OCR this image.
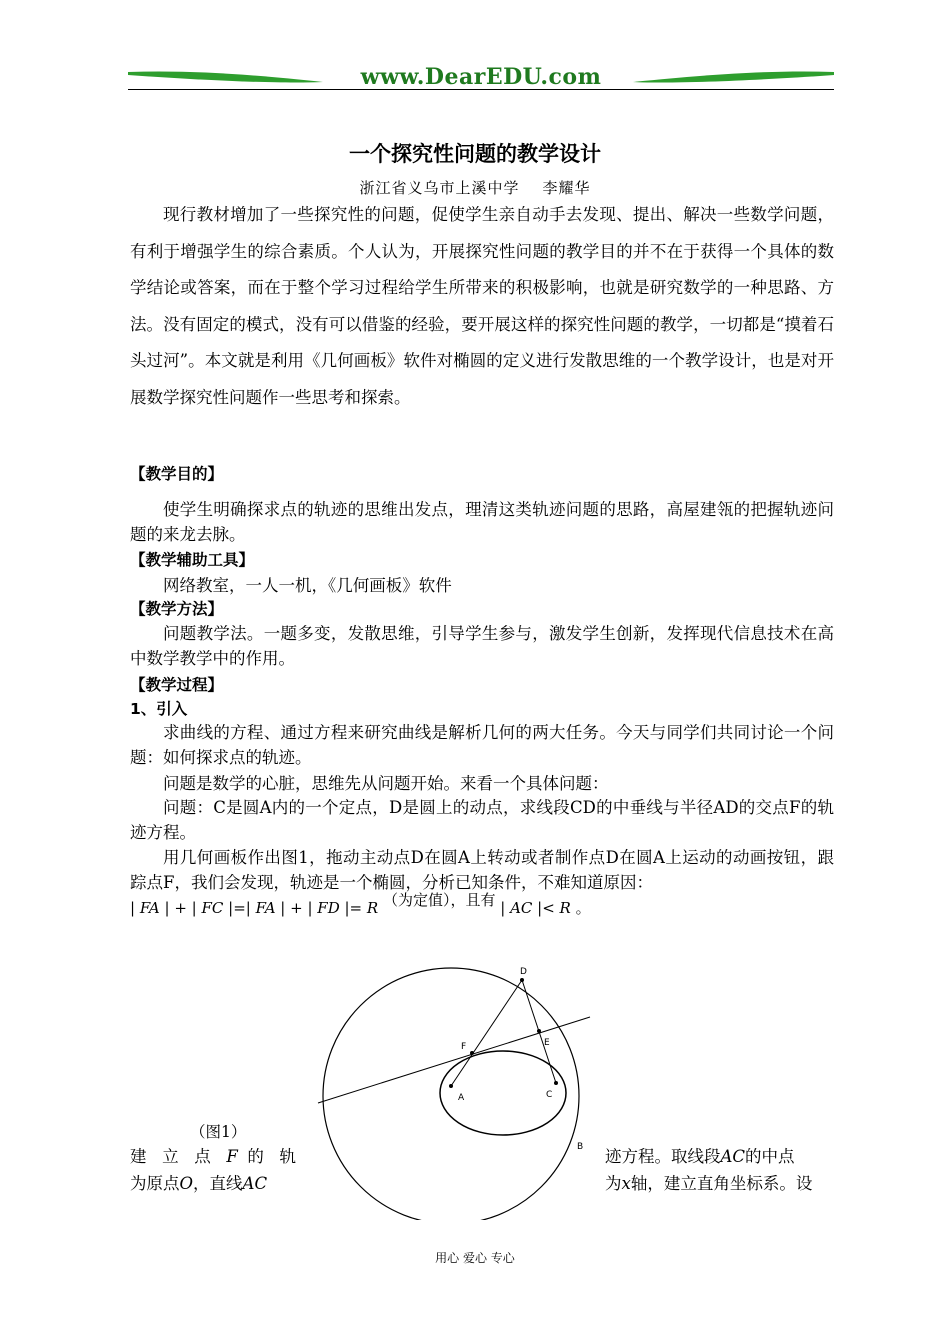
www.DearEDU.com
一个探究性问题的教学设计
浙江省义乌市上溪中学    李耀华
现行教材增加了一些探究性的问题，促使学生亲自动手去发现、提出、解决一些数学问题，有利于增强学生的综合素质。个人认为，开展探究性问题的教学目的并不在于获得一个具体的数学结论或答案，而在于整个学习过程给学生所带来的积极影响，也就是研究数学的一种思路、方法。没有固定的模式，没有可以借鉴的经验，要开展这样的探究性问题的教学，一切都是“摸着石头过河”。本文就是利用《几何画板》软件对椭圆的定义进行发散思维的一个教学设计，也是对开展数学探究性问题作一些思考和探索。
【教学目的】
使学生明确探求点的轨迹的思维出发点，理清这类轨迹问题的思路，高屋建瓴的把握轨迹问题的来龙去脉。
【教学辅助工具】
网络教室，一人一机，《几何画板》软件
【教学方法】
问题教学法。一题多变，发散思维，引导学生参与，激发学生创新，发挥现代信息技术在高中数学教学中的作用。
【教学过程】
1、引入
求曲线的方程、通过方程来研究曲线是解析几何的两大任务。今天与同学们共同讨论一个问题：如何探求点的轨迹。
问题是数学的心脏，思维先从问题开始。来看一个具体问题：
问题：C是圆A内的一个定点，D是圆上的动点，求线段CD的中垂线与半径AD的交点F的轨迹方程。
用几何画板作出图1，拖动主动点D在圆A上转动或者制作点D在圆A上运动的动画按钮，跟踪点F，我们会发现，轨迹是一个椭圆，分析已知条件，不难知道原因：
| FA | + | FC |=| FA | + | FD |= R （为定值），且有 | AC |< R 。
D
E
F
A	C
B
（图1）
建立点F的轨
为原点O，直线AC
迹方程。取线段AC的中点
为x轴，建立直角坐标系。设
用心 爱心 专心
